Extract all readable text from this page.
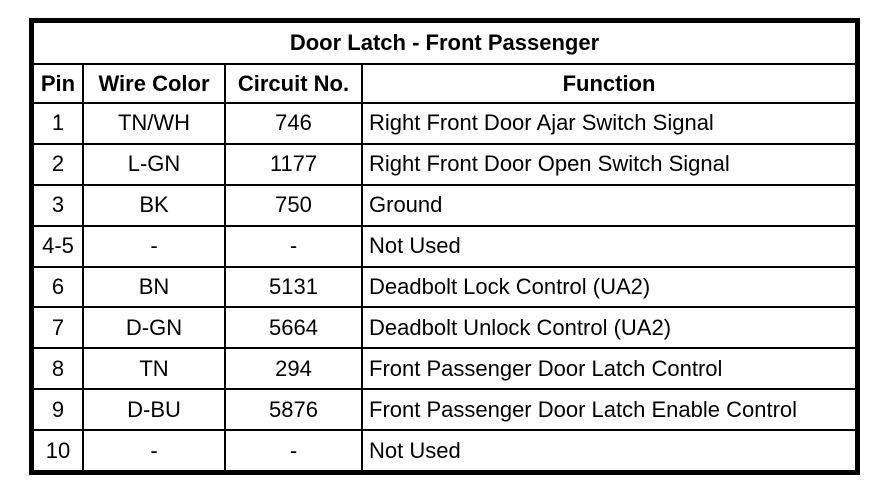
Door Latch - Front Passenger			
Pin	Wire Color	Circuit No.	Function
1	TN/WH	746	Right Front Door Ajar Switch Signal
2	L-GN	1177	Right Front Door Open Switch Signal
3	BK	750	Ground
4-5	-	-	Not Used
6	BN	5131	Deadbolt Lock Control (UA2)
7	D-GN	5664	Deadbolt Unlock Control (UA2)
8	TN	294	Front Passenger Door Latch Control
9	D-BU	5876	Front Passenger Door Latch Enable Control
10	-	-	Not Used
